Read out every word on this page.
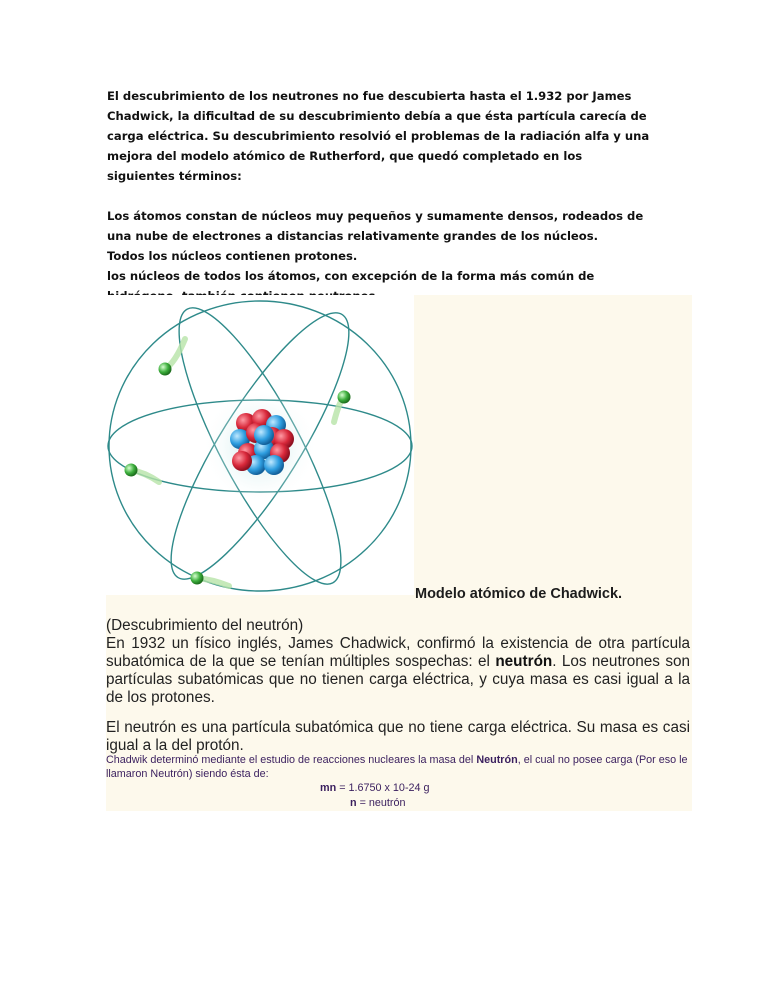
El descubrimiento de los neutrones no fue descubierta hasta el 1.932 por James Chadwick, la dificultad de su descubrimiento debía a que ésta partícula carecía de carga eléctrica. Su descubrimiento resolvió el problemas de la radiación alfa y una mejora del modelo atómico de Rutherford, que quedó completado en los siguientes términos:

Los átomos constan de núcleos muy pequeños y sumamente densos, rodeados de una nube de electrones a distancias relativamente grandes de los núcleos.

Todos los núcleos contienen protones.

los núcleos de todos los átomos, con excepción de la forma más común de

Modelo atómico de Chadwick.

(Descubrimiento del neutrón)

En 1932 un físico inglés, James Chadwick, confirmó la existencia de otra partícula subatómica de la que se tenían múltiples sospechas: el neutrón. Los neutrones son partículas subatómicas que no tienen carga eléctrica, y cuya masa es casi igual a la de los protones.

El neutrón es una partícula subatómica que no tiene carga eléctrica. Su masa es casi igual a la del protón.

Chadwik determinó mediante el estudio de reacciones nucleares la masa del Neutrón, el cual no posee carga (Por eso le llamaron Neutrón) siendo ésta de:

mn = 1.6750 x 10-24 g
n = neutrón
